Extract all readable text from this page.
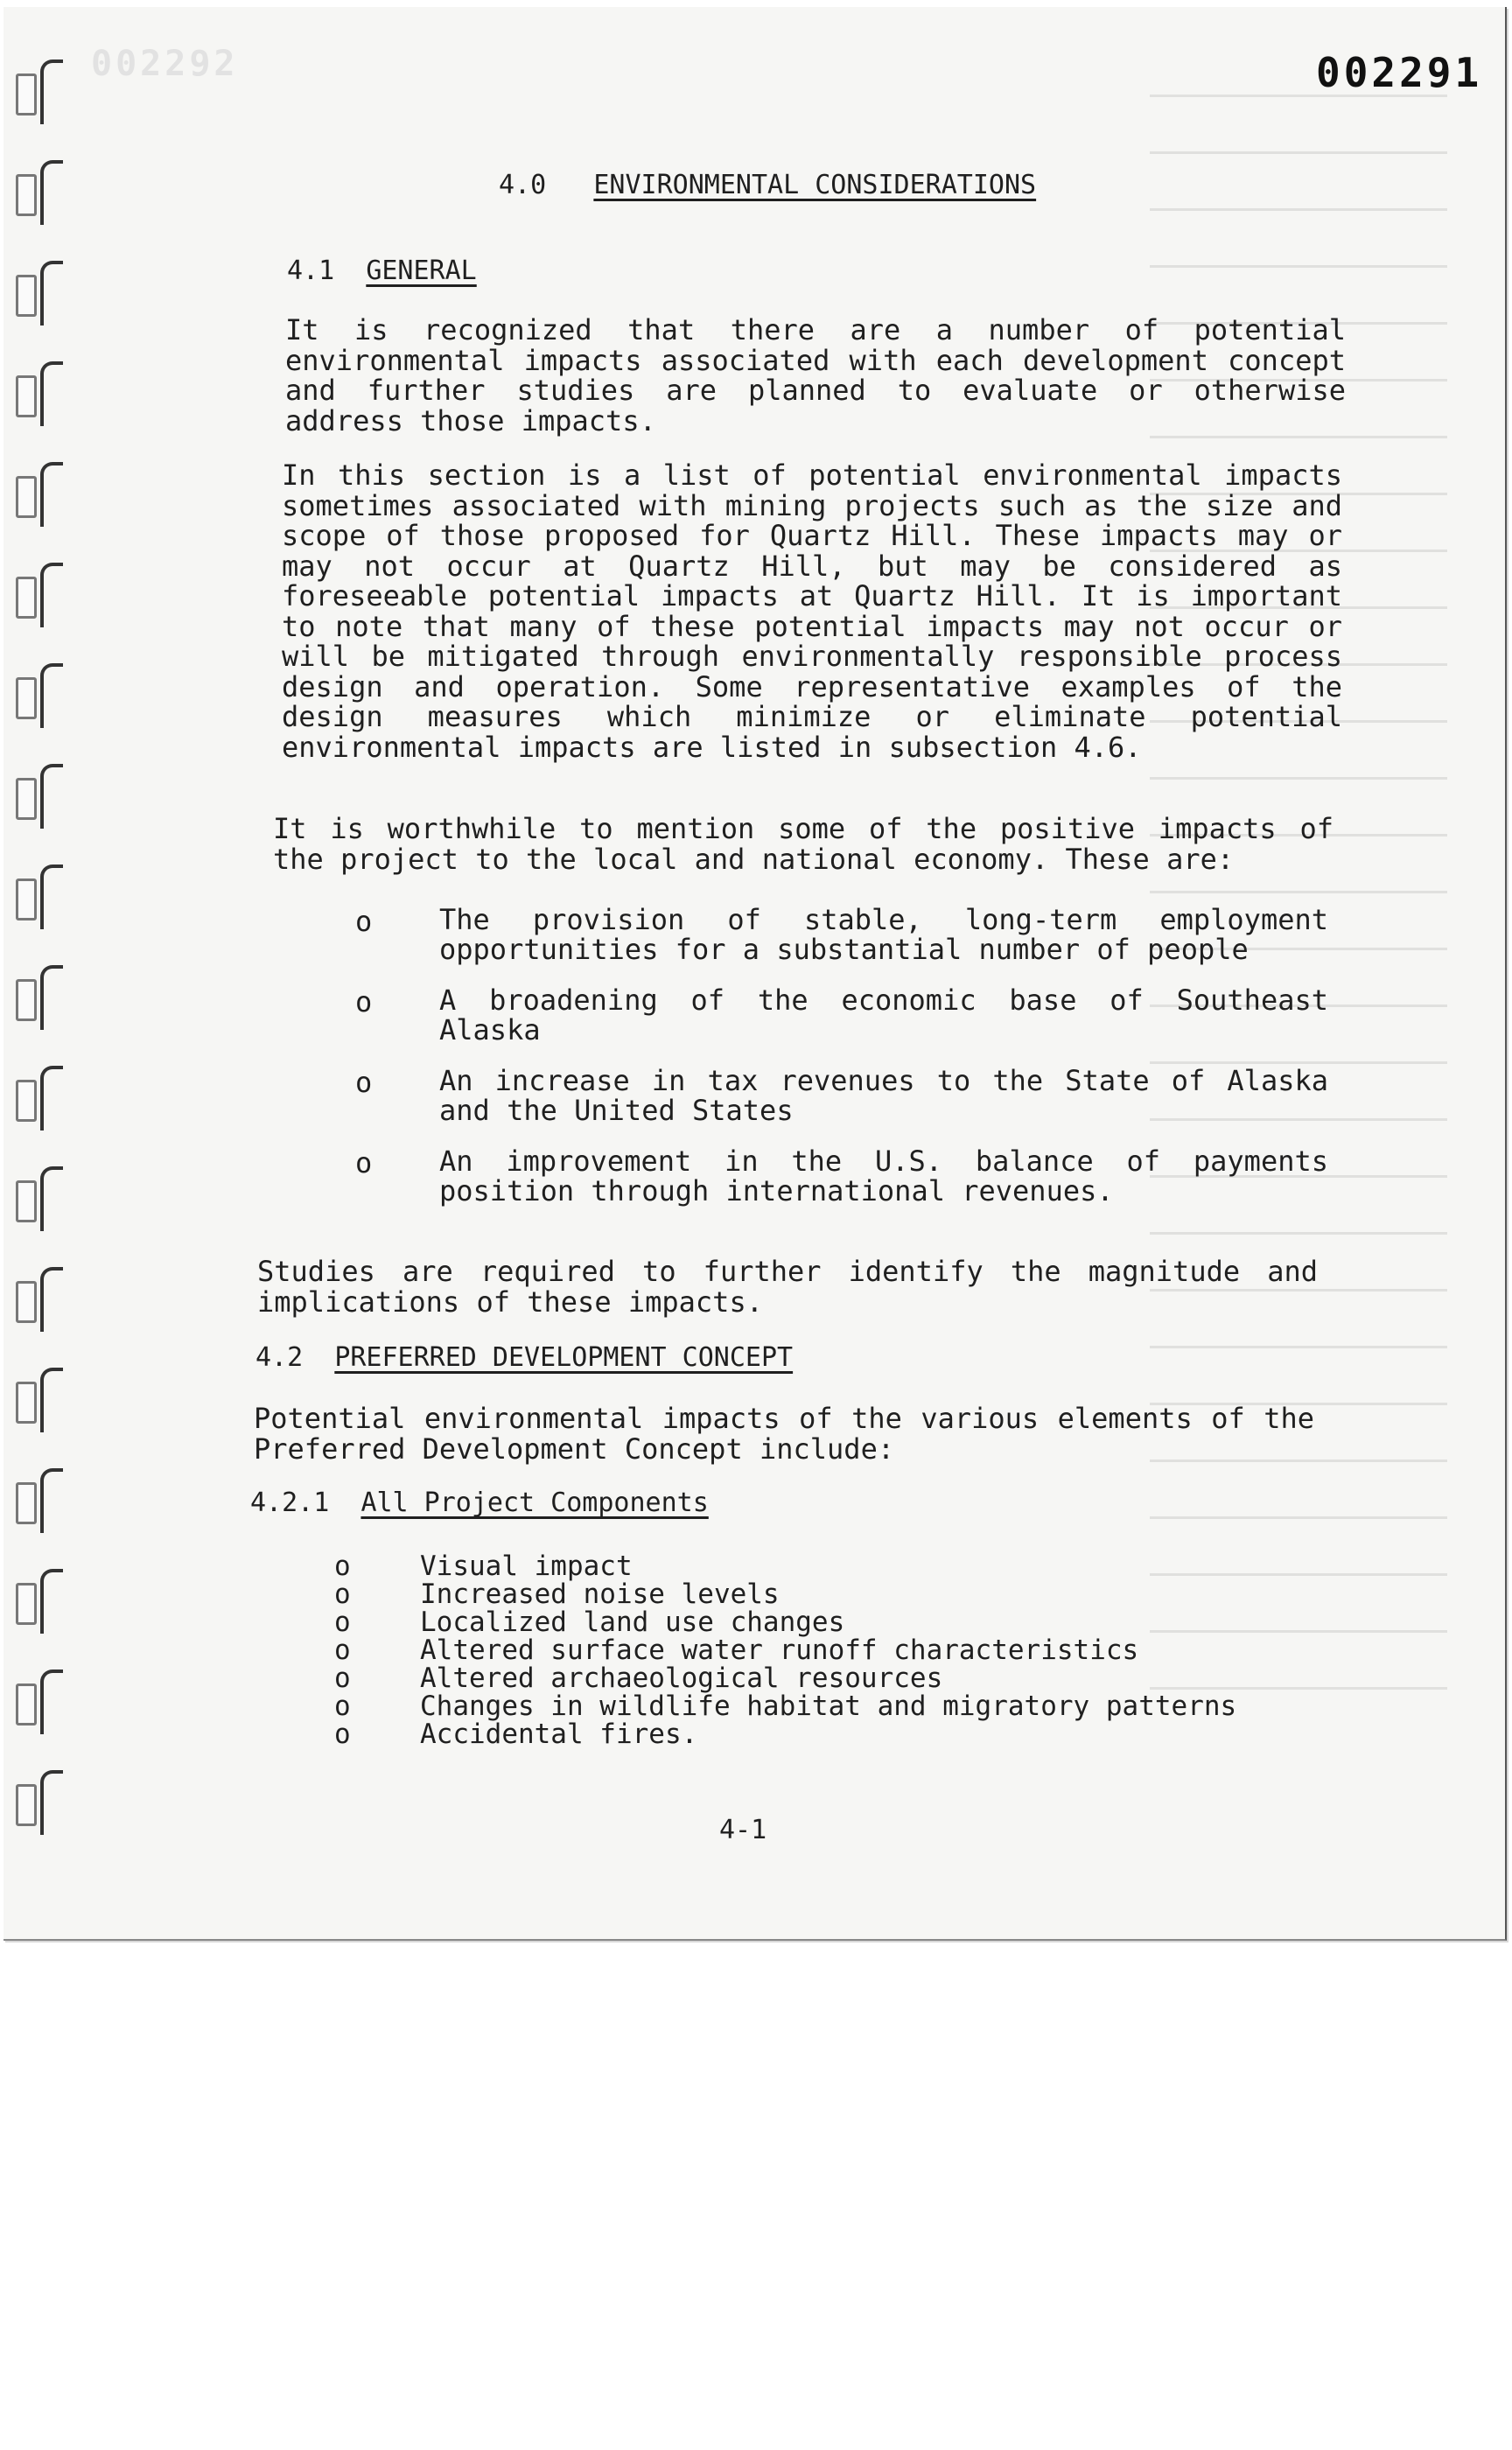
002292	002291
4.0 ENVIRONMENTAL CONSIDERATIONS
4.1 GENERAL
It is recognized that there are a number of potential environmental impacts associated with each development concept and further studies are planned to evaluate or otherwise address those impacts.
In this section is a list of potential environmental impacts sometimes associated with mining projects such as the size and scope of those proposed for Quartz Hill. These impacts may or may not occur at Quartz Hill, but may be considered as foreseeable potential impacts at Quartz Hill. It is important to note that many of these potential impacts may not occur or will be mitigated through environmentally responsible process design and operation. Some representative examples of the design measures which minimize or eliminate potential environmental impacts are listed in subsection 4.6.
It is worthwhile to mention some of the positive impacts of the project to the local and national economy. These are:
o The provision of stable, long-term employment opportunities for a substantial number of people
o A broadening of the economic base of Southeast Alaska
o An increase in tax revenues to the State of Alaska and the United States
o An improvement in the U.S. balance of payments position through international revenues.
Studies are required to further identify the magnitude and implications of these impacts.
4.2 PREFERRED DEVELOPMENT CONCEPT
Potential environmental impacts of the various elements of the Preferred Development Concept include:
4.2.1 All Project Components
o	Visual impact
o	Increased noise levels
o	Localized land use changes
o	Altered surface water runoff characteristics
o	Altered archaeological resources
o	Changes in wildlife habitat and migratory patterns
o	Accidental fires.
4-1
